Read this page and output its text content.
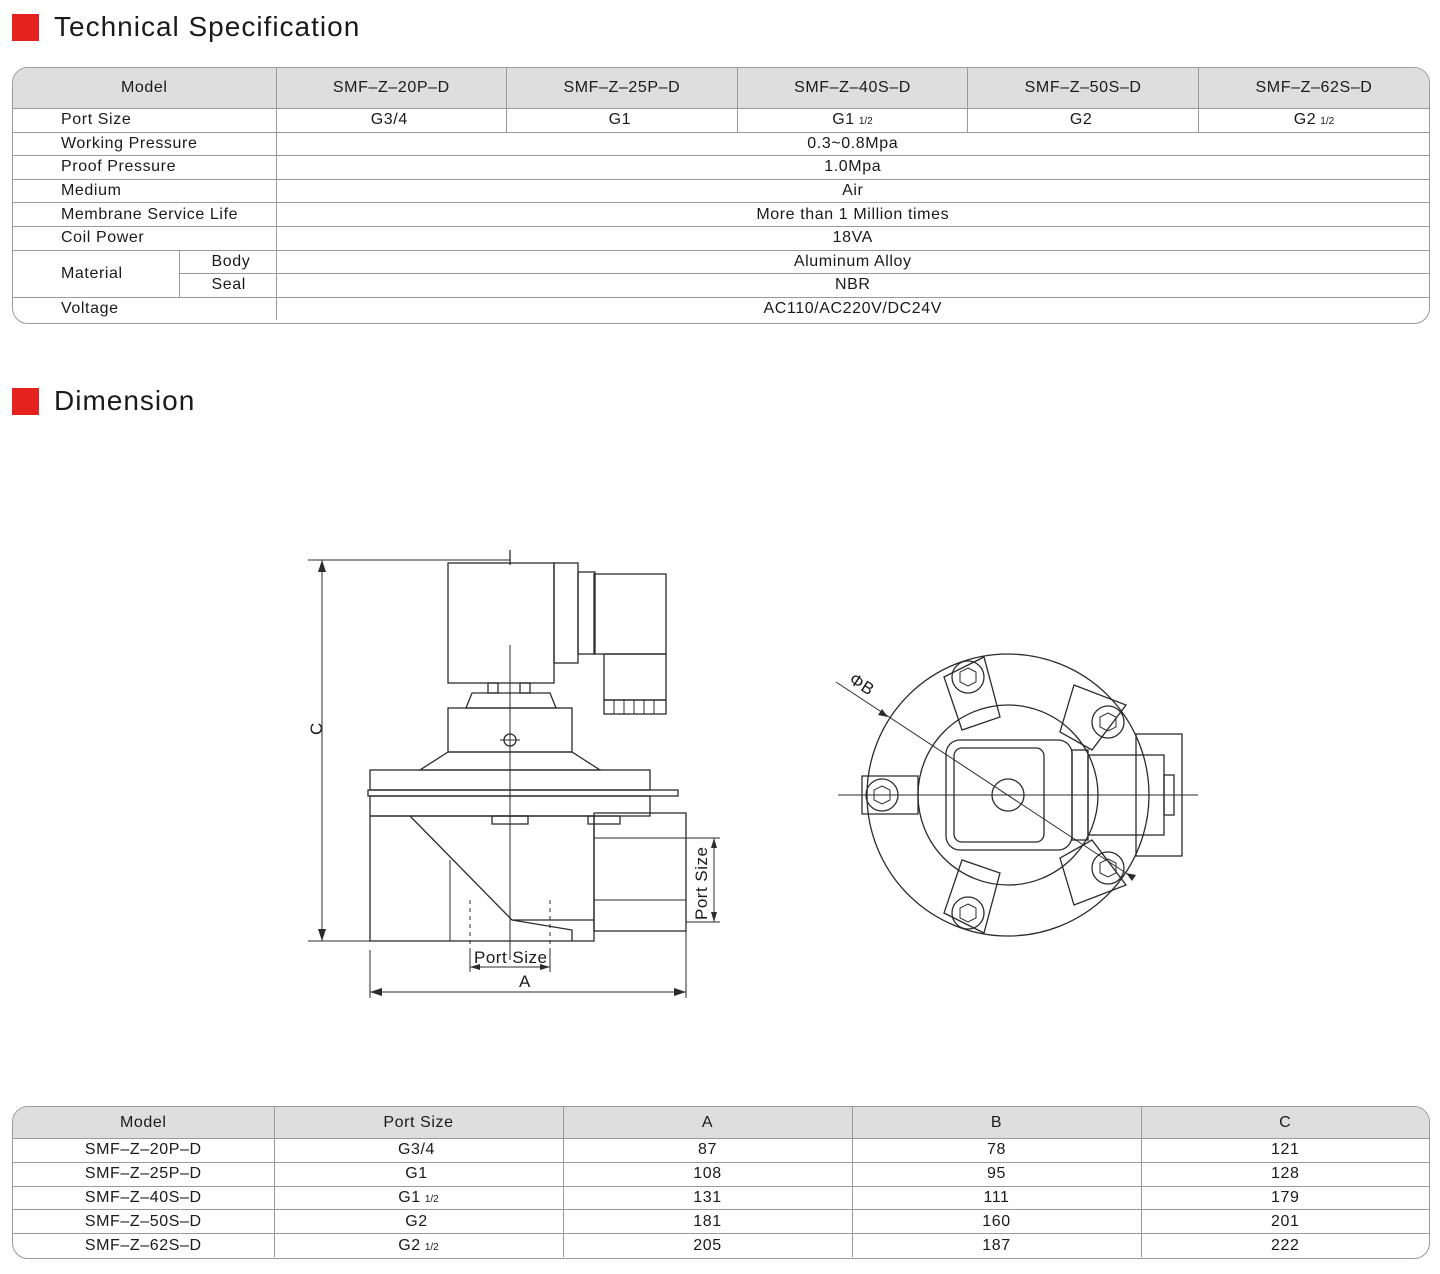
Technical Specification
Model		SMF–Z–20P–D	SMF–Z–25P–D	SMF–Z–40S–D	SMF–Z–50S–D	SMF–Z–62S–D
Port Size		G3/4	G1	G1 1/2	G2	G2 1/2
Working Pressure		0.3~0.8Mpa				
Proof Pressure		1.0Mpa				
Medium		Air				
Membrane Service Life		More than 1 Million times				
Coil Power		18VA				
Material	Body	Aluminum Alloy				
	Seal	NBR				
Voltage		AC110/AC220V/DC24V				
Dimension
C
Port Size
A
Port Size
ΦB
Model	Port Size	A	B	C
SMF–Z–20P–D	G3/4	87	78	121
SMF–Z–25P–D	G1	108	95	128
SMF–Z–40S–D	G1 1/2	131	111	179
SMF–Z–50S–D	G2	181	160	201
SMF–Z–62S–D	G2 1/2	205	187	222
